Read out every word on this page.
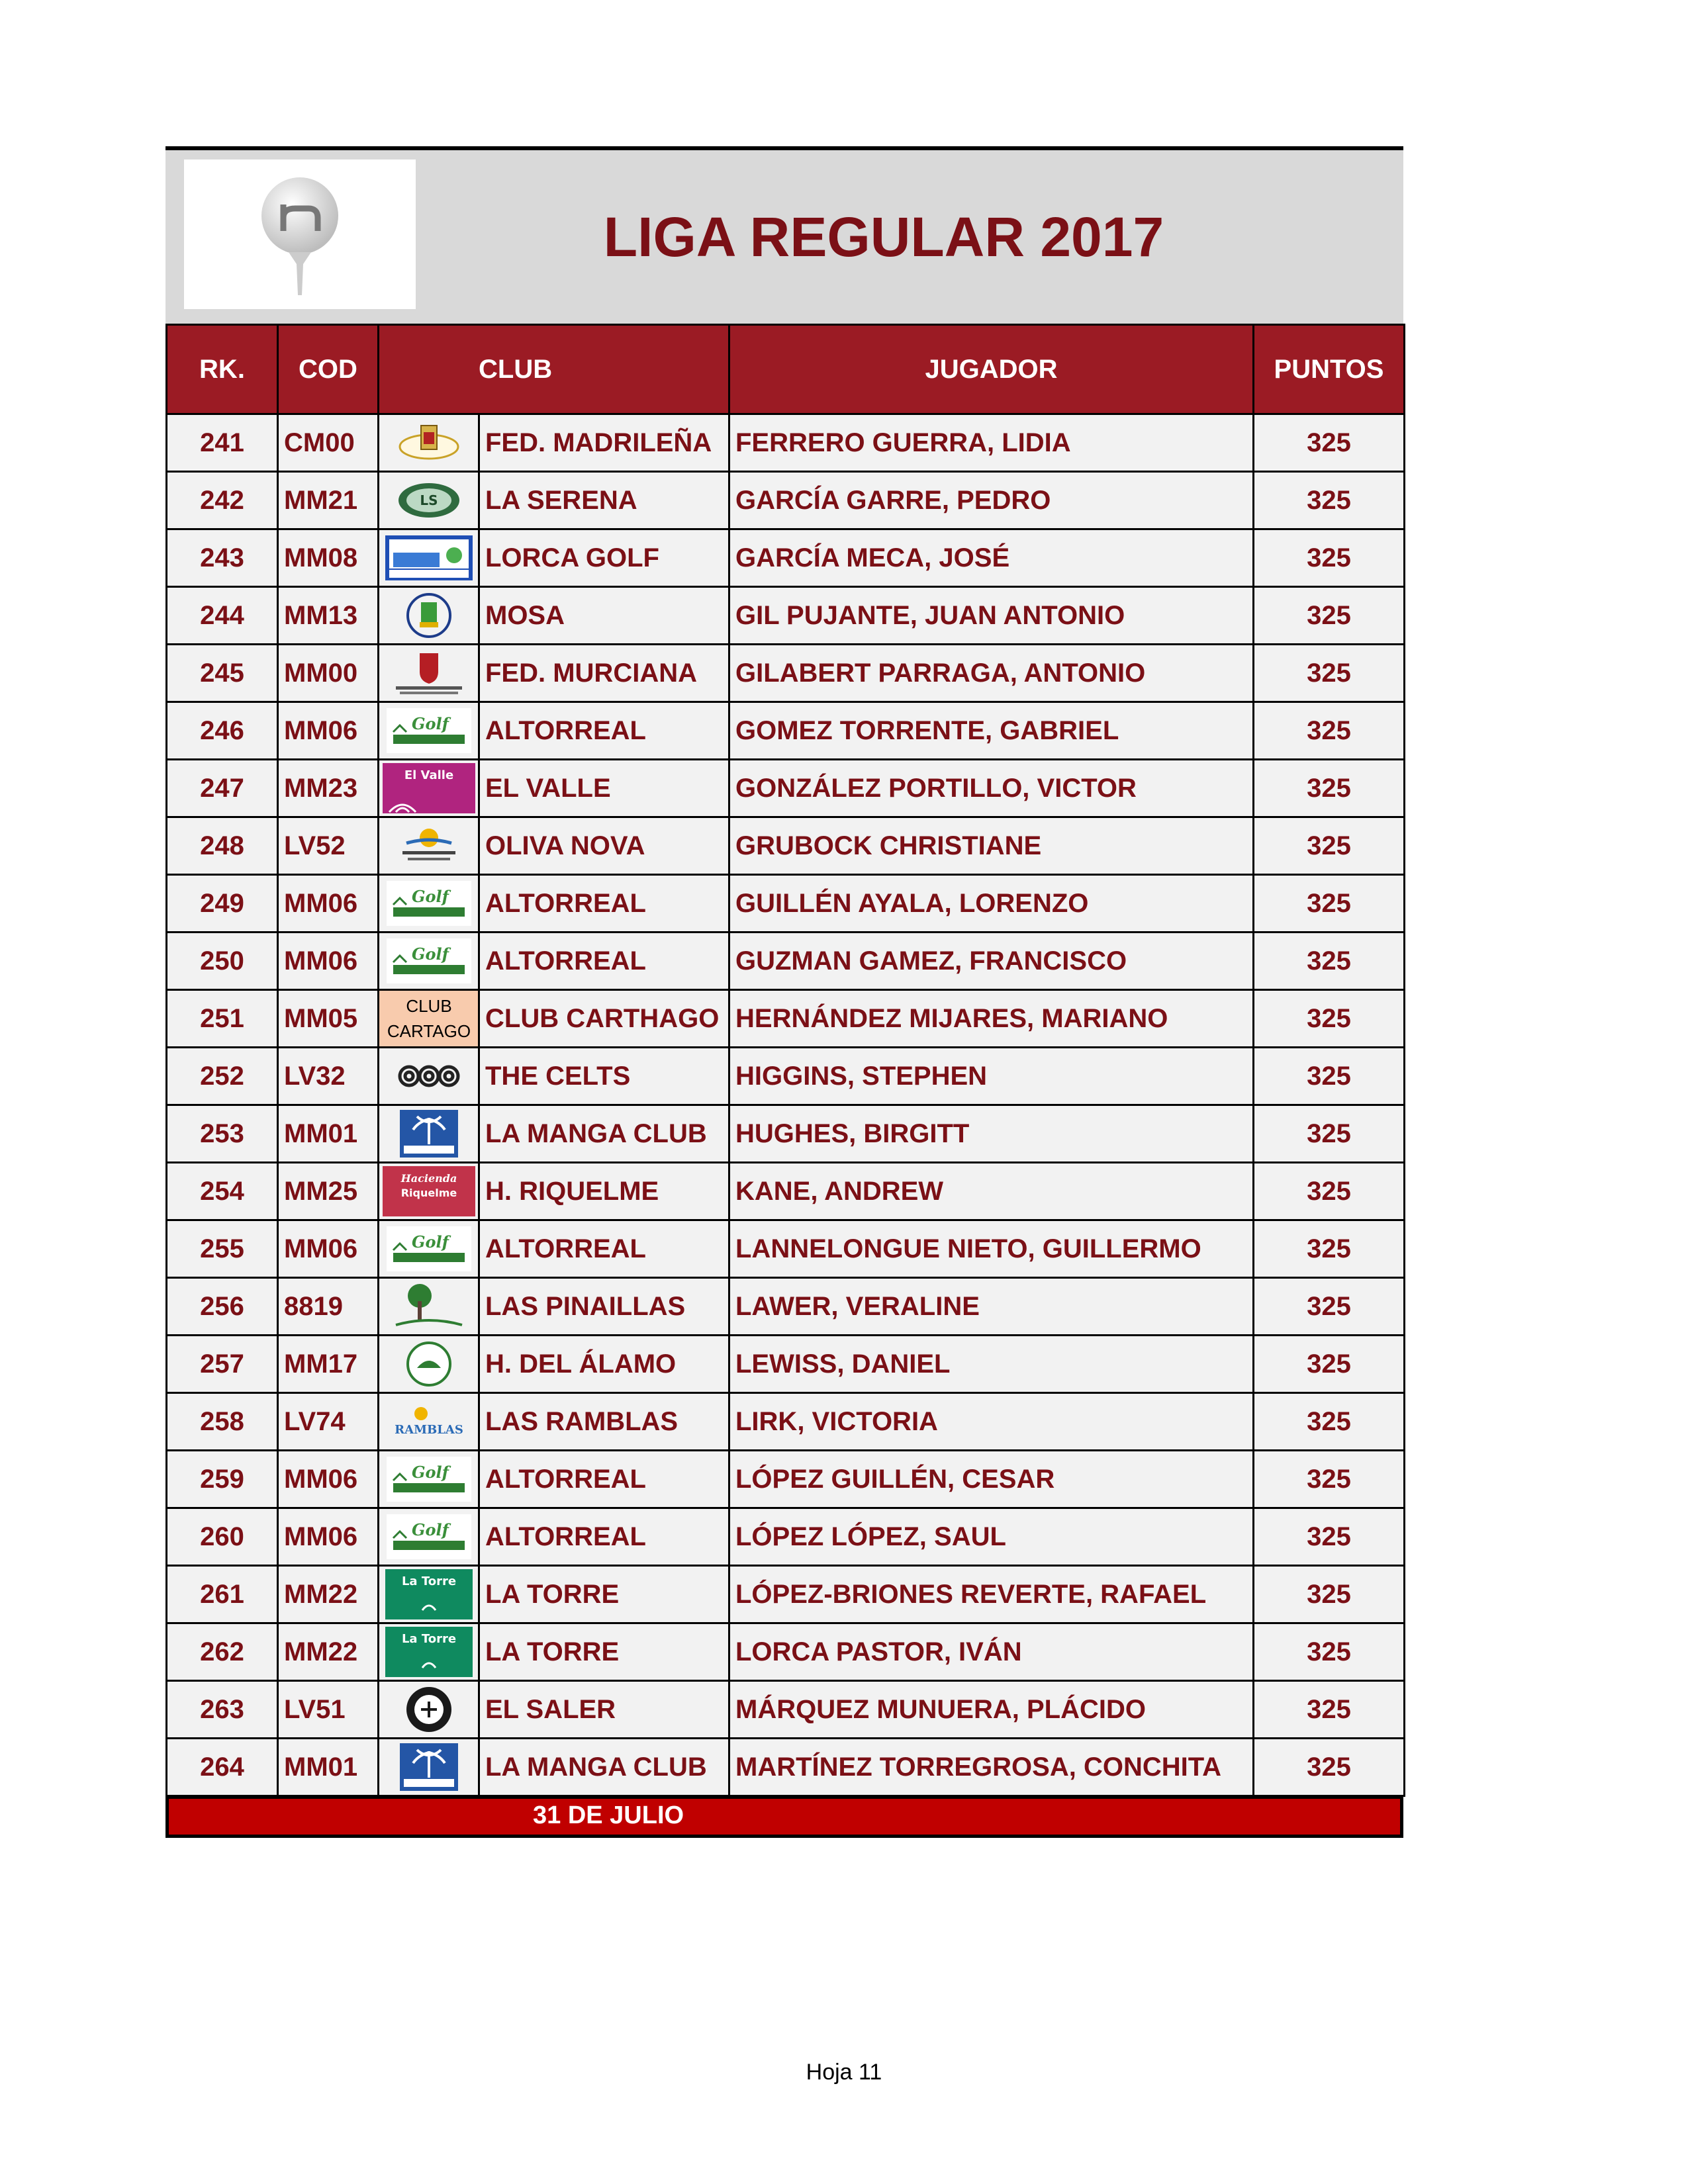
LIGA REGULAR 2017
RK.	COD	CLUB		JUGADOR	PUNTOS
241	CM00		FED. MADRILEÑA	FERRERO GUERRA, LIDIA	325
242	MM21	LS	LA SERENA	GARCÍA GARRE, PEDRO	325
243	MM08		LORCA GOLF	GARCÍA MECA, JOSÉ	325
244	MM13		MOSA	GIL PUJANTE, JUAN ANTONIO	325
245	MM00		FED. MURCIANA	GILABERT PARRAGA, ANTONIO	325
246	MM06	Golf	ALTORREAL	GOMEZ TORRENTE, GABRIEL	325
247	MM23	El Valle	EL VALLE	GONZÁLEZ PORTILLO, VICTOR	325
248	LV52		OLIVA NOVA	GRUBOCK CHRISTIANE	325
249	MM06	Golf	ALTORREAL	GUILLÉN AYALA, LORENZO	325
250	MM06	Golf	ALTORREAL	GUZMAN GAMEZ, FRANCISCO	325
251	MM05	CLUB
CARTAGO	CLUB CARTHAGO	HERNÁNDEZ MIJARES, MARIANO	325
252	LV32		THE CELTS	HIGGINS, STEPHEN	325
253	MM01		LA MANGA CLUB	HUGHES, BIRGITT	325
254	MM25	Hacienda
Riquelme	H. RIQUELME	KANE, ANDREW	325
255	MM06	Golf	ALTORREAL	LANNELONGUE NIETO, GUILLERMO	325
256	8819		LAS PINAILLAS	LAWER, VERALINE	325
257	MM17		H. DEL ÁLAMO	LEWISS, DANIEL	325
258	LV74	RAMBLAS	LAS RAMBLAS	LIRK, VICTORIA	325
259	MM06	Golf	ALTORREAL	LÓPEZ GUILLÉN, CESAR	325
260	MM06	Golf	ALTORREAL	LÓPEZ LÓPEZ, SAUL	325
261	MM22	La Torre	LA TORRE	LÓPEZ-BRIONES REVERTE, RAFAEL	325
262	MM22	La Torre	LA TORRE	LORCA PASTOR, IVÁN	325
263	LV51		EL SALER	MÁRQUEZ MUNUERA, PLÁCIDO	325
264	MM01		LA MANGA CLUB	MARTÍNEZ TORREGROSA, CONCHITA	325
31 DE JULIO
Hoja 11
